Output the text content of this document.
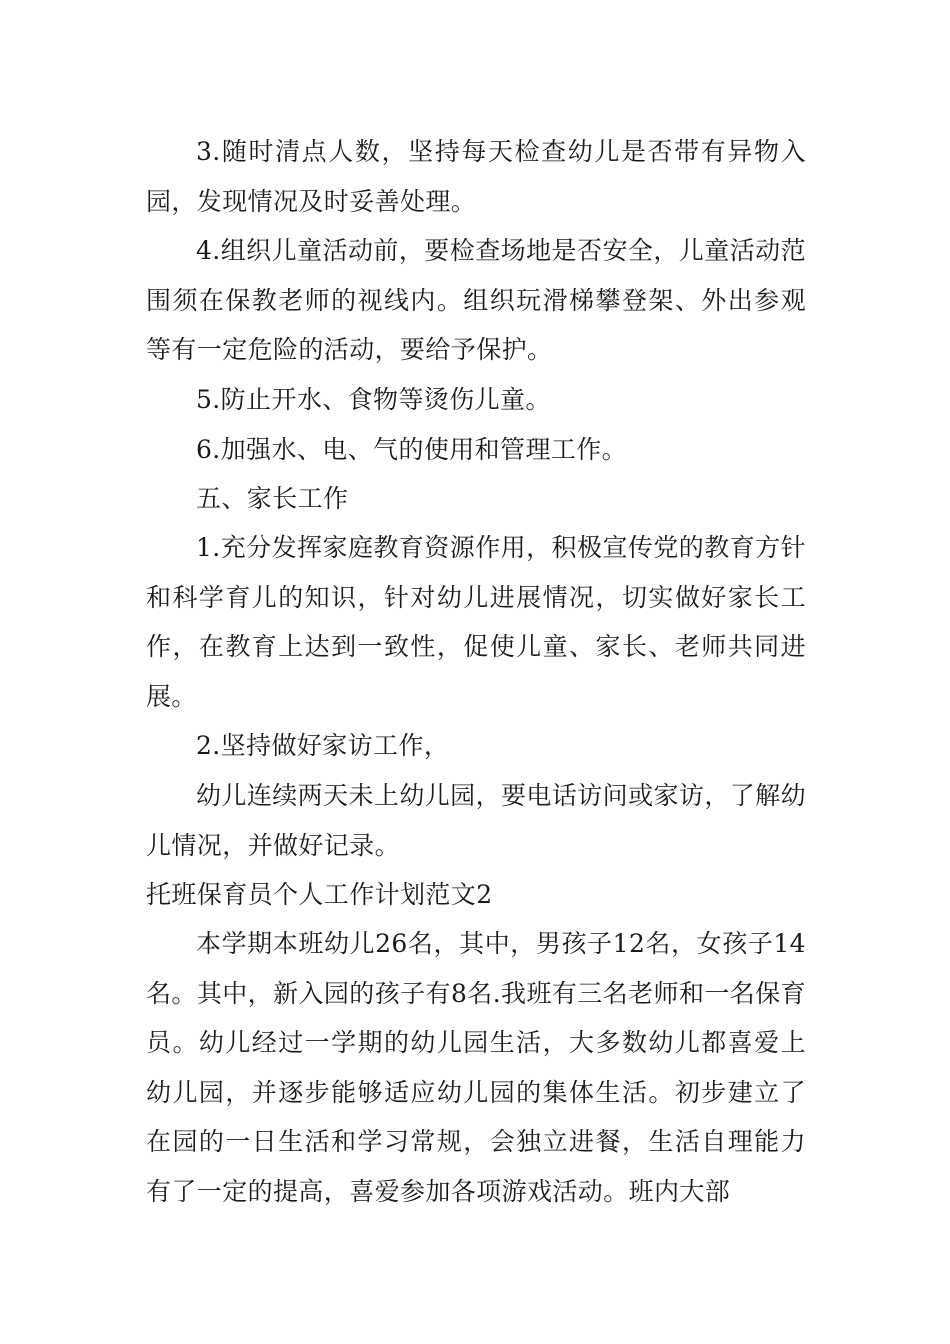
3.随时清点人数，坚持每天检查幼儿是否带有异物入园，发现情况及时妥善处理。
4.组织儿童活动前，要检查场地是否安全，儿童活动范围须在保教老师的视线内。组织玩滑梯攀登架、外出参观等有一定危险的活动，要给予保护。
5.防止开水、食物等烫伤儿童。
6.加强水、电、气的使用和管理工作。
五、家长工作
1.充分发挥家庭教育资源作用，积极宣传党的教育方针和科学育儿的知识，针对幼儿进展情况，切实做好家长工作，在教育上达到一致性，促使儿童、家长、老师共同进展。
2.坚持做好家访工作，
幼儿连续两天未上幼儿园，要电话访问或家访，了解幼儿情况，并做好记录。
托班保育员个人工作计划范文2
本学期本班幼儿26名，其中，男孩子12名，女孩子14名。其中，新入园的孩子有8名.我班有三名老师和一名保育员。幼儿经过一学期的幼儿园生活，大多数幼儿都喜爱上幼儿园，并逐步能够适应幼儿园的集体生活。初步建立了在园的一日生活和学习常规，会独立进餐，生活自理能力有了一定的提高，喜爱参加各项游戏活动。班内大部
